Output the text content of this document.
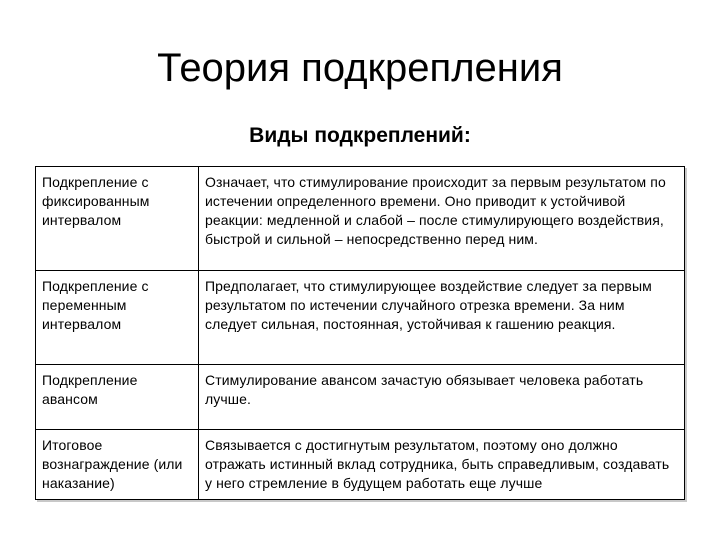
Теория подкрепления
Виды подкреплений:
Подкрепление с фиксированным интервалом	Означает, что стимулирование происходит за первым результатом по истечении определенного времени. Оно приводит к устойчивой реакции: медленной и слабой – после стимулирующего воздействия, быстрой и сильной – непосредственно перед ним.
Подкрепление с переменным интервалом	Предполагает, что стимулирующее воздействие следует за первым результатом по истечении случайного отрезка времени. За ним следует сильная, постоянная, устойчивая к гашению реакция.
Подкрепление авансом	Стимулирование авансом зачастую обязывает человека работать лучше.
Итоговое вознаграждение (или наказание)	Связывается с достигнутым результатом, поэтому оно должно отражать истинный вклад сотрудника, быть справедливым, создавать у него стремление в будущем работать еще лучше
